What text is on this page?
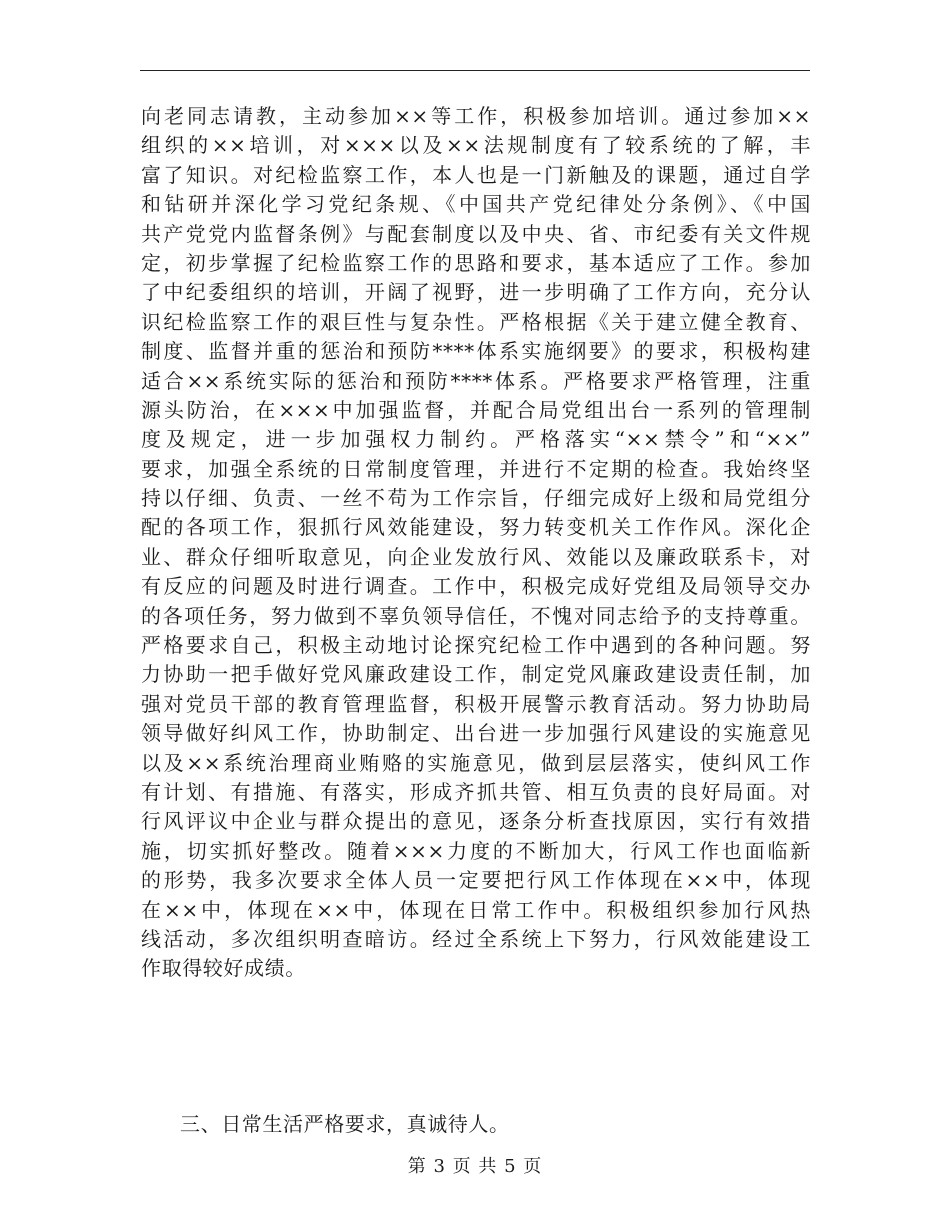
向老同志请教，主动参加××等工作，积极参加培训。通过参加××
组织的××培训，对×××以及××法规制度有了较系统的了解，丰
富了知识。对纪检监察工作，本人也是一门新触及的课题，通过自学
和钻研并深化学习党纪条规、《中国共产党纪律处分条例》、《中国
共产党党内监督条例》与配套制度以及中央、省、市纪委有关文件规
定，初步掌握了纪检监察工作的思路和要求，基本适应了工作。参加
了中纪委组织的培训，开阔了视野，进一步明确了工作方向，充分认
识纪检监察工作的艰巨性与复杂性。严格根据《关于建立健全教育、
制度、监督并重的惩治和预防****体系实施纲要》的要求，积极构建
适合××系统实际的惩治和预防****体系。严格要求严格管理，注重
源头防治，在×××中加强监督，并配合局党组出台一系列的管理制
度及规定，进一步加强权力制约。严格落实“××禁令”和“××”
要求，加强全系统的日常制度管理，并进行不定期的检查。我始终坚
持以仔细、负责、一丝不苟为工作宗旨，仔细完成好上级和局党组分
配的各项工作，狠抓行风效能建设，努力转变机关工作作风。深化企
业、群众仔细听取意见，向企业发放行风、效能以及廉政联系卡，对
有反应的问题及时进行调查。工作中，积极完成好党组及局领导交办
的各项任务，努力做到不辜负领导信任，不愧对同志给予的支持尊重。
严格要求自己，积极主动地讨论探究纪检工作中遇到的各种问题。努
力协助一把手做好党风廉政建设工作，制定党风廉政建设责任制，加
强对党员干部的教育管理监督，积极开展警示教育活动。努力协助局
领导做好纠风工作，协助制定、出台进一步加强行风建设的实施意见
以及××系统治理商业贿赂的实施意见，做到层层落实，使纠风工作
有计划、有措施、有落实，形成齐抓共管、相互负责的良好局面。对
行风评议中企业与群众提出的意见，逐条分析查找原因，实行有效措
施，切实抓好整改。随着×××力度的不断加大，行风工作也面临新
的形势，我多次要求全体人员一定要把行风工作体现在××中，体现
在××中，体现在××中，体现在日常工作中。积极组织参加行风热
线活动，多次组织明查暗访。经过全系统上下努力，行风效能建设工
作取得较好成绩。
三、日常生活严格要求，真诚待人。
第 3 页 共 5 页
